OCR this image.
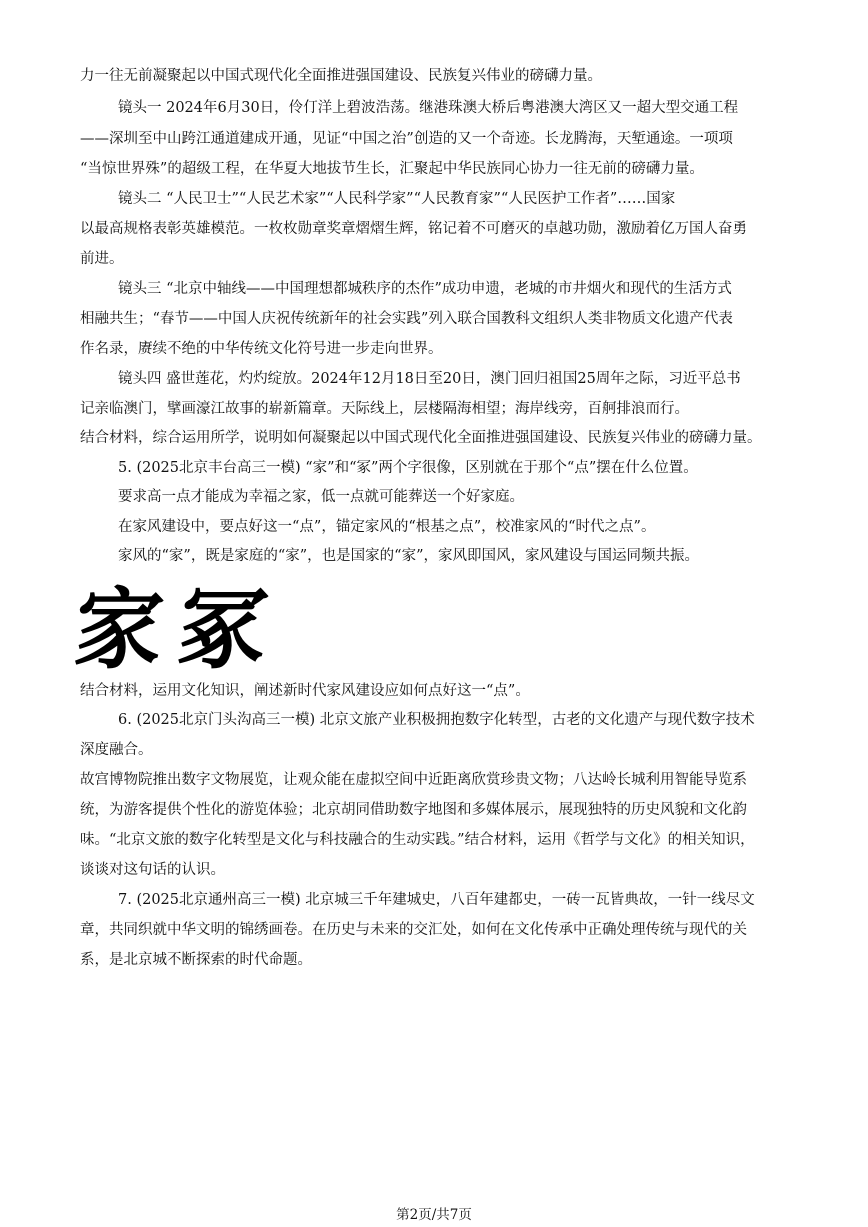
力一往无前凝聚起以中国式现代化全面推进强国建设、民族复兴伟业的磅礴力量。
镜头一 2024年6月30日，伶仃洋上碧波浩荡。继港珠澳大桥后粤港澳大湾区又一超大型交通工程
——深圳至中山跨江通道建成开通，见证“中国之治”创造的又一个奇迹。长龙腾海，天堑通途。一项项
“当惊世界殊”的超级工程，在华夏大地拔节生长，汇聚起中华民族同心协力一往无前的磅礴力量。
镜头二 “人民卫士”“人民艺术家”“人民科学家”“人民教育家”“人民医护工作者”……国家
以最高规格表彰英雄模范。一枚枚勋章奖章熠熠生辉，铭记着不可磨灭的卓越功勋，激励着亿万国人奋勇
前进。
镜头三 “北京中轴线——中国理想都城秩序的杰作”成功申遗，老城的市井烟火和现代的生活方式
相融共生；“春节——中国人庆祝传统新年的社会实践”列入联合国教科文组织人类非物质文化遗产代表
作名录，赓续不绝的中华传统文化符号进一步走向世界。
镜头四 盛世莲花，灼灼绽放。2024年12月18日至20日，澳门回归祖国25周年之际，习近平总书
记亲临澳门，擘画濠江故事的崭新篇章。天际线上，层楼隔海相望；海岸线旁，百舸排浪而行。
结合材料，综合运用所学，说明如何凝聚起以中国式现代化全面推进强国建设、民族复兴伟业的磅礴力量。
5. (2025北京丰台高三一模) “家”和“冢”两个字很像，区别就在于那个“点”摆在什么位置。
要求高一点才能成为幸福之家，低一点就可能葬送一个好家庭。
在家风建设中，要点好这一“点”，锚定家风的“根基之点”，校准家风的“时代之点”。
家风的“家”，既是家庭的“家”，也是国家的“家”，家风即国风，家风建设与国运同频共振。
家 冢
结合材料，运用文化知识，阐述新时代家风建设应如何点好这一“点”。
6. (2025北京门头沟高三一模) 北京文旅产业积极拥抱数字化转型，古老的文化遗产与现代数字技术
深度融合。
故宫博物院推出数字文物展览，让观众能在虚拟空间中近距离欣赏珍贵文物；八达岭长城利用智能导览系
统，为游客提供个性化的游览体验；北京胡同借助数字地图和多媒体展示，展现独特的历史风貌和文化韵
味。“北京文旅的数字化转型是文化与科技融合的生动实践。”结合材料，运用《哲学与文化》的相关知识，
谈谈对这句话的认识。
7. (2025北京通州高三一模) 北京城三千年建城史，八百年建都史，一砖一瓦皆典故，一针一线尽文
章，共同织就中华文明的锦绣画卷。在历史与未来的交汇处，如何在文化传承中正确处理传统与现代的关
系，是北京城不断探索的时代命题。
第2页/共7页
